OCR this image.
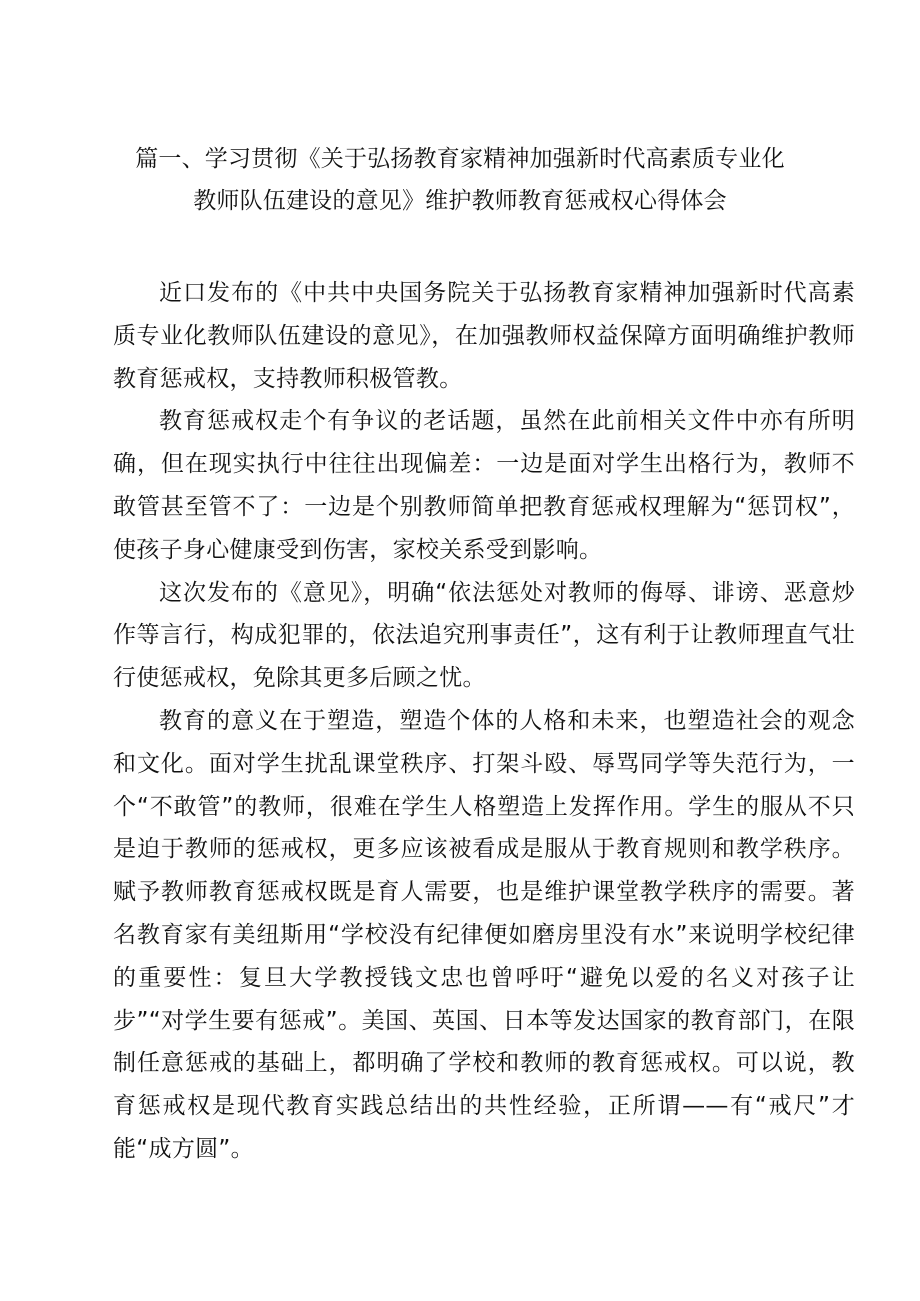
篇一、学习贯彻《关于弘扬教育家精神加强新时代高素质专业化
教师队伍建设的意见》维护教师教育惩戒权心得体会

近口发布的《中共中央国务院关于弘扬教育家精神加强新时代高素质专业化教师队伍建设的意见》，在加强教师权益保障方面明确维护教师教育惩戒权，支持教师积极管教。

教育惩戒权走个有争议的老话题，虽然在此前相关文件中亦有所明确，但在现实执行中往往出现偏差：一边是面对学生出格行为，教师不敢管甚至管不了：一边是个别教师简单把教育惩戒权理解为“惩罚权”，使孩子身心健康受到伤害，家校关系受到影响。

这次发布的《意见》，明确“依法惩处对教师的侮辱、诽谤、恶意炒作等言行，构成犯罪的，依法追究刑事责任”，这有利于让教师理直气壮行使惩戒权，免除其更多后顾之忧。

教育的意义在于塑造，塑造个体的人格和未来，也塑造社会的观念和文化。面对学生扰乱课堂秩序、打架斗殴、辱骂同学等失范行为，一个“不敢管”的教师，很难在学生人格塑造上发挥作用。学生的服从不只是迫于教师的惩戒权，更多应该被看成是服从于教育规则和教学秩序。赋予教师教育惩戒权既是育人需要，也是维护课堂教学秩序的需要。著名教育家有美纽斯用“学校没有纪律便如磨房里没有水”来说明学校纪律的重要性：复旦大学教授钱文忠也曾呼吁“避免以爱的名义对孩子让步”“对学生要有惩戒”。美国、英国、日本等发达国家的教育部门，在限制任意惩戒的基础上，都明确了学校和教师的教育惩戒权。可以说，教育惩戒权是现代教育实践总结出的共性经验，正所谓——有“戒尺”才能“成方圆”。
